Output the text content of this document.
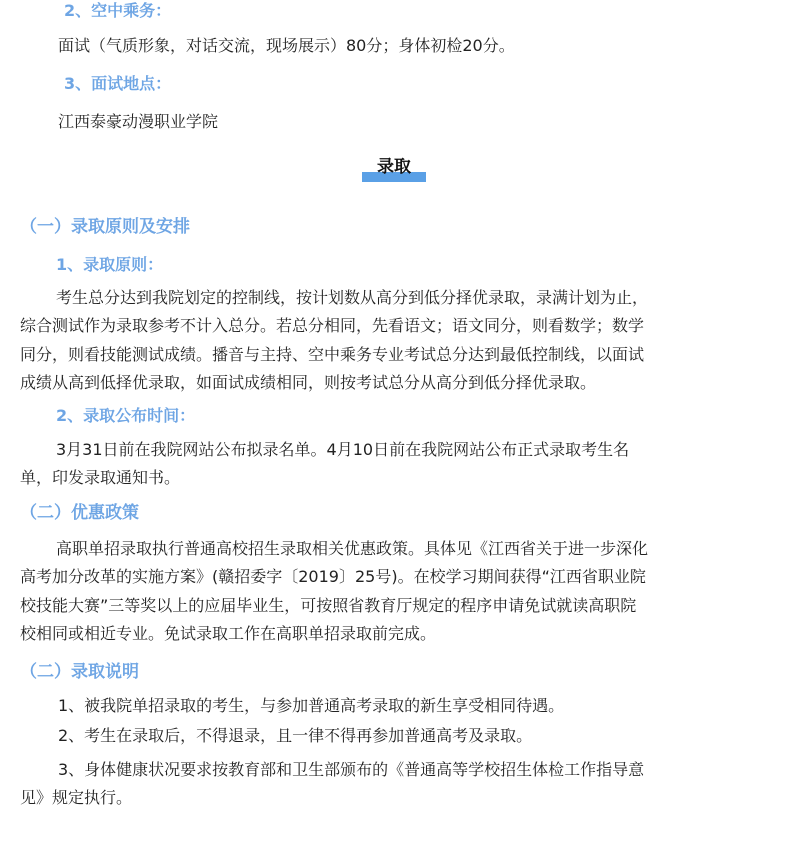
2、空中乘务：
面试（气质形象，对话交流，现场展示）80分；身体初检20分。
3、面试地点：
江西泰豪动漫职业学院
录取
（一）录取原则及安排
1、录取原则：
考生总分达到我院划定的控制线，按计划数从高分到低分择优录取，录满计划为止，
综合测试作为录取参考不计入总分。若总分相同，先看语文；语文同分，则看数学；数学
同分，则看技能测试成绩。播音与主持、空中乘务专业考试总分达到最低控制线，以面试
成绩从高到低择优录取，如面试成绩相同，则按考试总分从高分到低分择优录取。
2、录取公布时间：
3月31日前在我院网站公布拟录名单。4月10日前在我院网站公布正式录取考生名
单，印发录取通知书。
（二）优惠政策
高职单招录取执行普通高校招生录取相关优惠政策。具体见《江西省关于进一步深化
高考加分改革的实施方案》(赣招委字〔2019〕25号)。在校学习期间获得“江西省职业院
校技能大赛”三等奖以上的应届毕业生，可按照省教育厅规定的程序申请免试就读高职院
校相同或相近专业。免试录取工作在高职单招录取前完成。
（二）录取说明
1、被我院单招录取的考生，与参加普通高考录取的新生享受相同待遇。
2、考生在录取后，不得退录，且一律不得再参加普通高考及录取。
3、身体健康状况要求按教育部和卫生部颁布的《普通高等学校招生体检工作指导意
见》规定执行。
